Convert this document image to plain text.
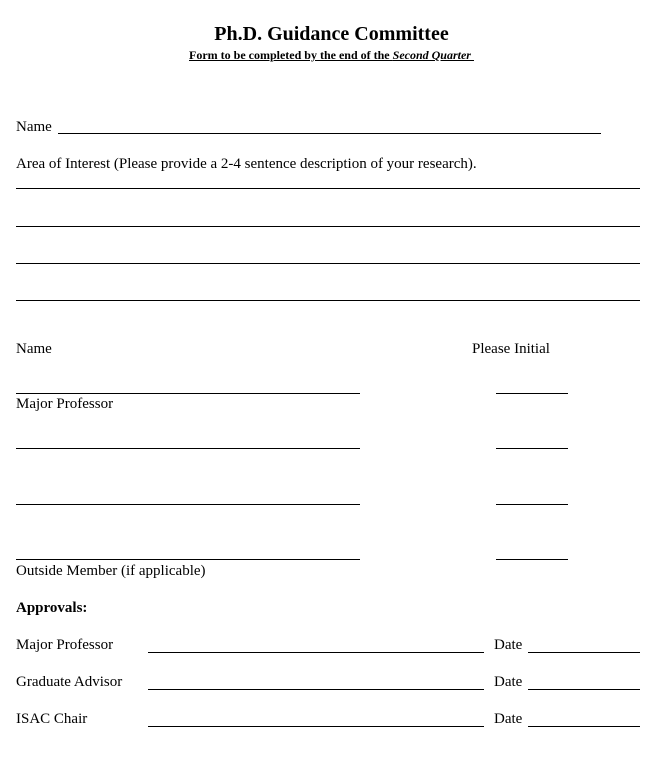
Ph.D. Guidance Committee
Form to be completed by the end of the Second Quarter
Name
Area of Interest (Please provide a 2-4 sentence description of your research).
Name	Please Initial
Major Professor
Outside Member (if applicable)
Approvals:
Major Professor	Date
Graduate Advisor	Date
ISAC Chair	Date
